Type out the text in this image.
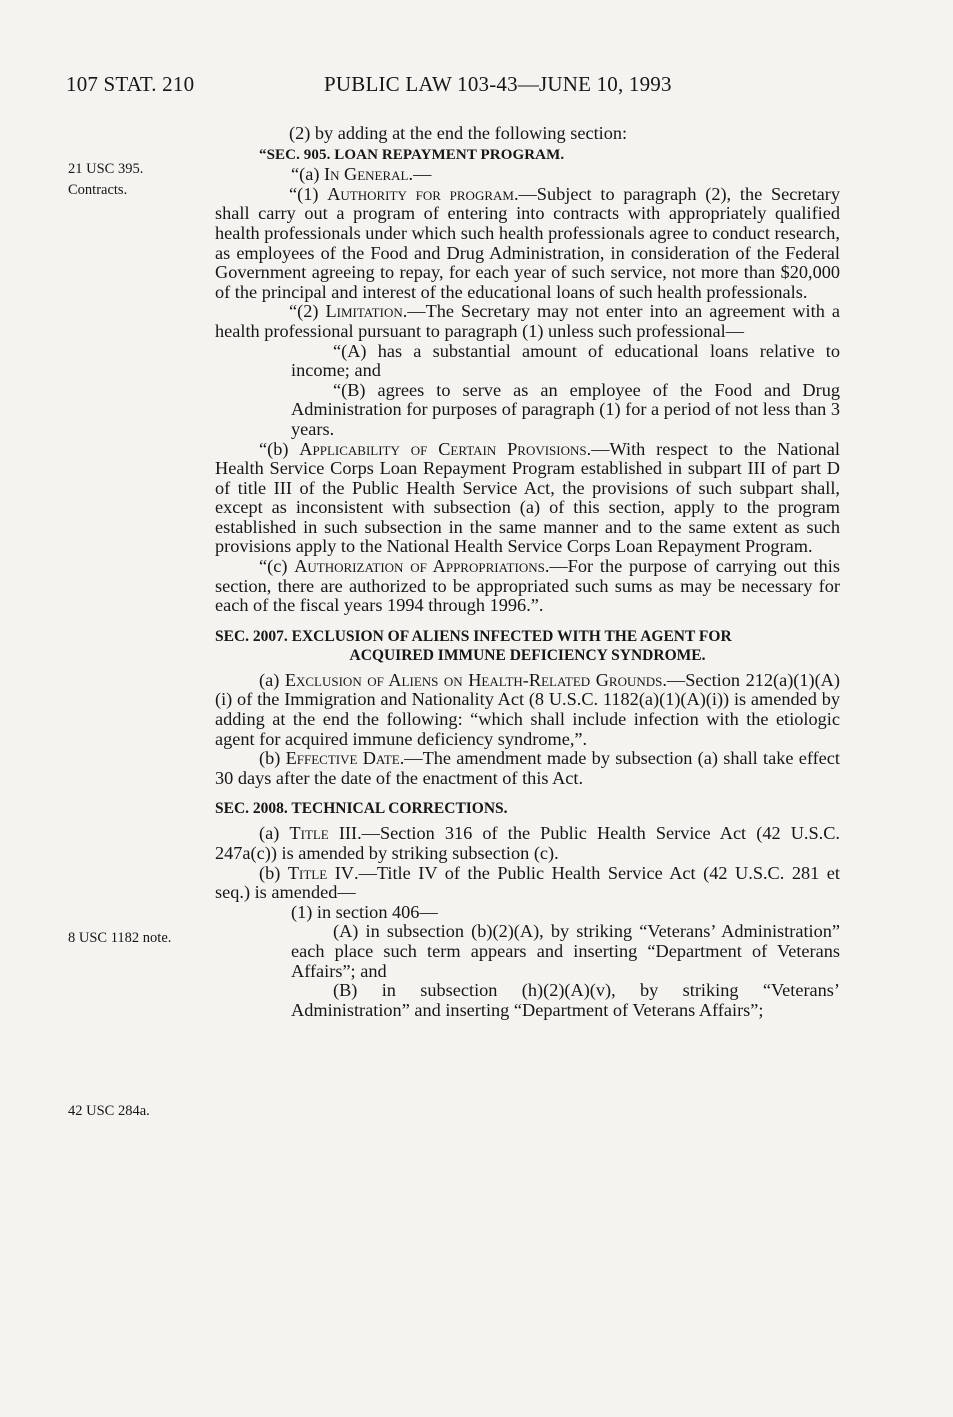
107 STAT. 210	PUBLIC LAW 103-43—JUNE 10, 1993
21 USC 395.
Contracts.
8 USC 1182 note.
42 USC 284a.

(2) by adding at the end the following section:

“SEC. 905. LOAN REPAYMENT PROGRAM.

“(a) In General.—

“(1) Authority for program.—Subject to paragraph (2), the Secretary shall carry out a program of entering into contracts with appropriately qualified health professionals under which such health professionals agree to conduct research, as employees of the Food and Drug Administration, in consideration of the Federal Government agreeing to repay, for each year of such service, not more than $20,000 of the principal and interest of the educational loans of such health professionals.

“(2) Limitation.—The Secretary may not enter into an agreement with a health professional pursuant to paragraph (1) unless such professional—

“(A) has a substantial amount of educational loans relative to income; and

“(B) agrees to serve as an employee of the Food and Drug Administration for purposes of paragraph (1) for a period of not less than 3 years.

“(b) Applicability of Certain Provisions.—With respect to the National Health Service Corps Loan Repayment Program established in subpart III of part D of title III of the Public Health Service Act, the provisions of such subpart shall, except as inconsistent with subsection (a) of this section, apply to the program established in such subsection in the same manner and to the same extent as such provisions apply to the National Health Service Corps Loan Repayment Program.

“(c) Authorization of Appropriations.—For the purpose of carrying out this section, there are authorized to be appropriated such sums as may be necessary for each of the fiscal years 1994 through 1996.”.

SEC. 2007. EXCLUSION OF ALIENS INFECTED WITH THE AGENT FOR

ACQUIRED IMMUNE DEFICIENCY SYNDROME.

(a) Exclusion of Aliens on Health-Related Grounds.—Section 212(a)(1)(A)(i) of the Immigration and Nationality Act (8 U.S.C. 1182(a)(1)(A)(i)) is amended by adding at the end the following: “which shall include infection with the etiologic agent for acquired immune deficiency syndrome,”.

(b) Effective Date.—The amendment made by subsection (a) shall take effect 30 days after the date of the enactment of this Act.

SEC. 2008. TECHNICAL CORRECTIONS.

(a) Title III.—Section 316 of the Public Health Service Act (42 U.S.C. 247a(c)) is amended by striking subsection (c).

(b) Title IV.—Title IV of the Public Health Service Act (42 U.S.C. 281 et seq.) is amended—

(1) in section 406—

(A) in subsection (b)(2)(A), by striking “Veterans’ Administration” each place such term appears and inserting “Department of Veterans Affairs”; and

(B) in subsection (h)(2)(A)(v), by striking “Veterans’ Administration” and inserting “Department of Veterans Affairs”;
